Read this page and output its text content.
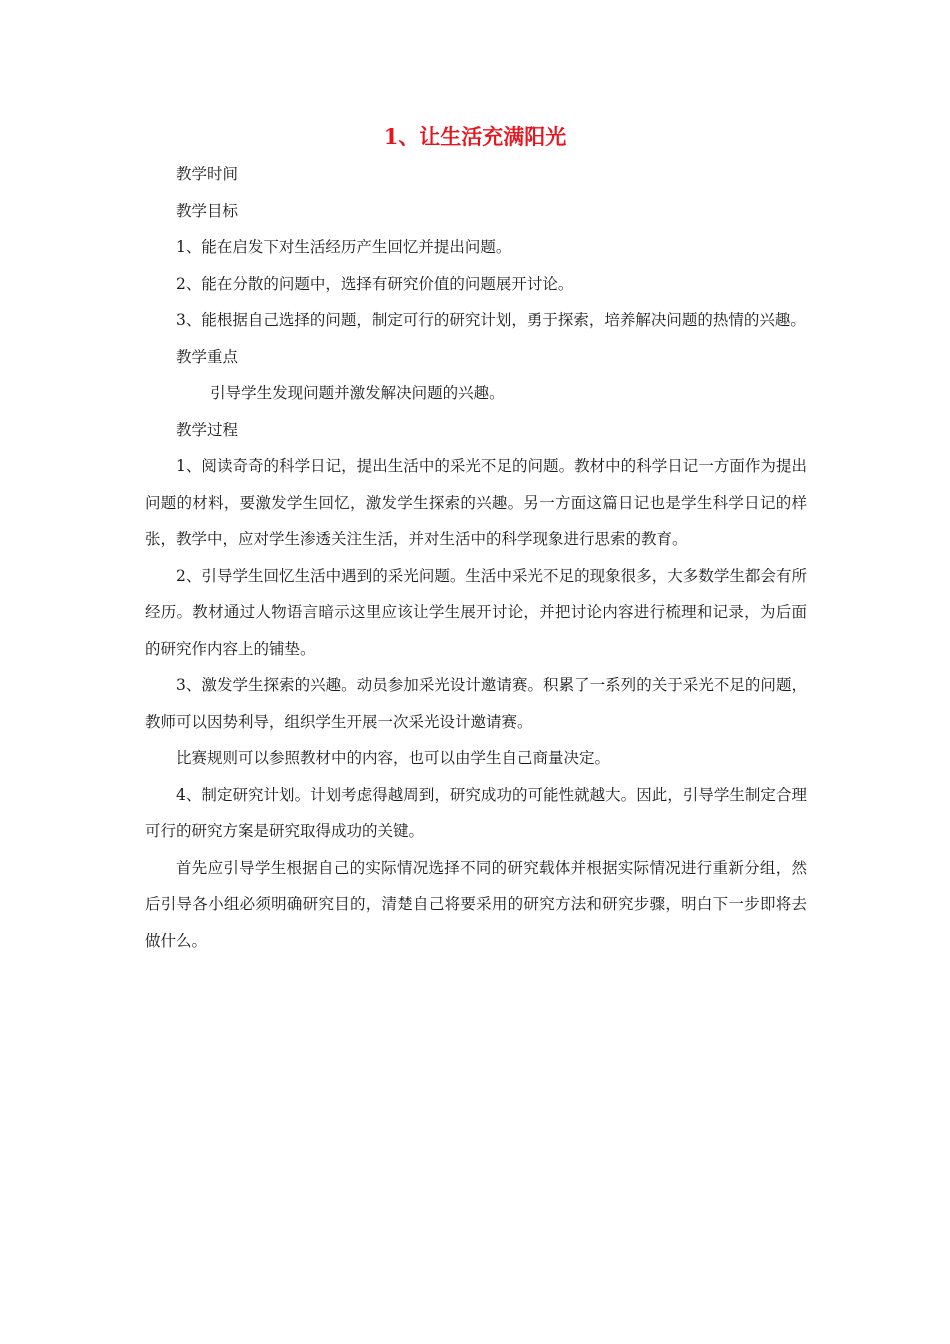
1、让生活充满阳光

教学时间

教学目标

1、能在启发下对生活经历产生回忆并提出问题。

2、能在分散的问题中，选择有研究价值的问题展开讨论。

3、能根据自己选择的问题，制定可行的研究计划，勇于探索，培养解决问题的热情的兴趣。

教学重点

引导学生发现问题并激发解决问题的兴趣。

教学过程

1、阅读奇奇的科学日记，提出生活中的采光不足的问题。教材中的科学日记一方面作为提出问题的材料，要激发学生回忆，激发学生探索的兴趣。另一方面这篇日记也是学生科学日记的样张，教学中，应对学生渗透关注生活，并对生活中的科学现象进行思索的教育。

2、引导学生回忆生活中遇到的采光问题。生活中采光不足的现象很多，大多数学生都会有所经历。教材通过人物语言暗示这里应该让学生展开讨论，并把讨论内容进行梳理和记录，为后面的研究作内容上的铺垫。

3、激发学生探索的兴趣。动员参加采光设计邀请赛。积累了一系列的关于采光不足的问题，教师可以因势利导，组织学生开展一次采光设计邀请赛。

比赛规则可以参照教材中的内容，也可以由学生自己商量决定。

4、制定研究计划。计划考虑得越周到，研究成功的可能性就越大。因此，引导学生制定合理可行的研究方案是研究取得成功的关键。

首先应引导学生根据自己的实际情况选择不同的研究载体并根据实际情况进行重新分组，然后引导各小组必须明确研究目的，清楚自己将要采用的研究方法和研究步骤，明白下一步即将去做什么。
